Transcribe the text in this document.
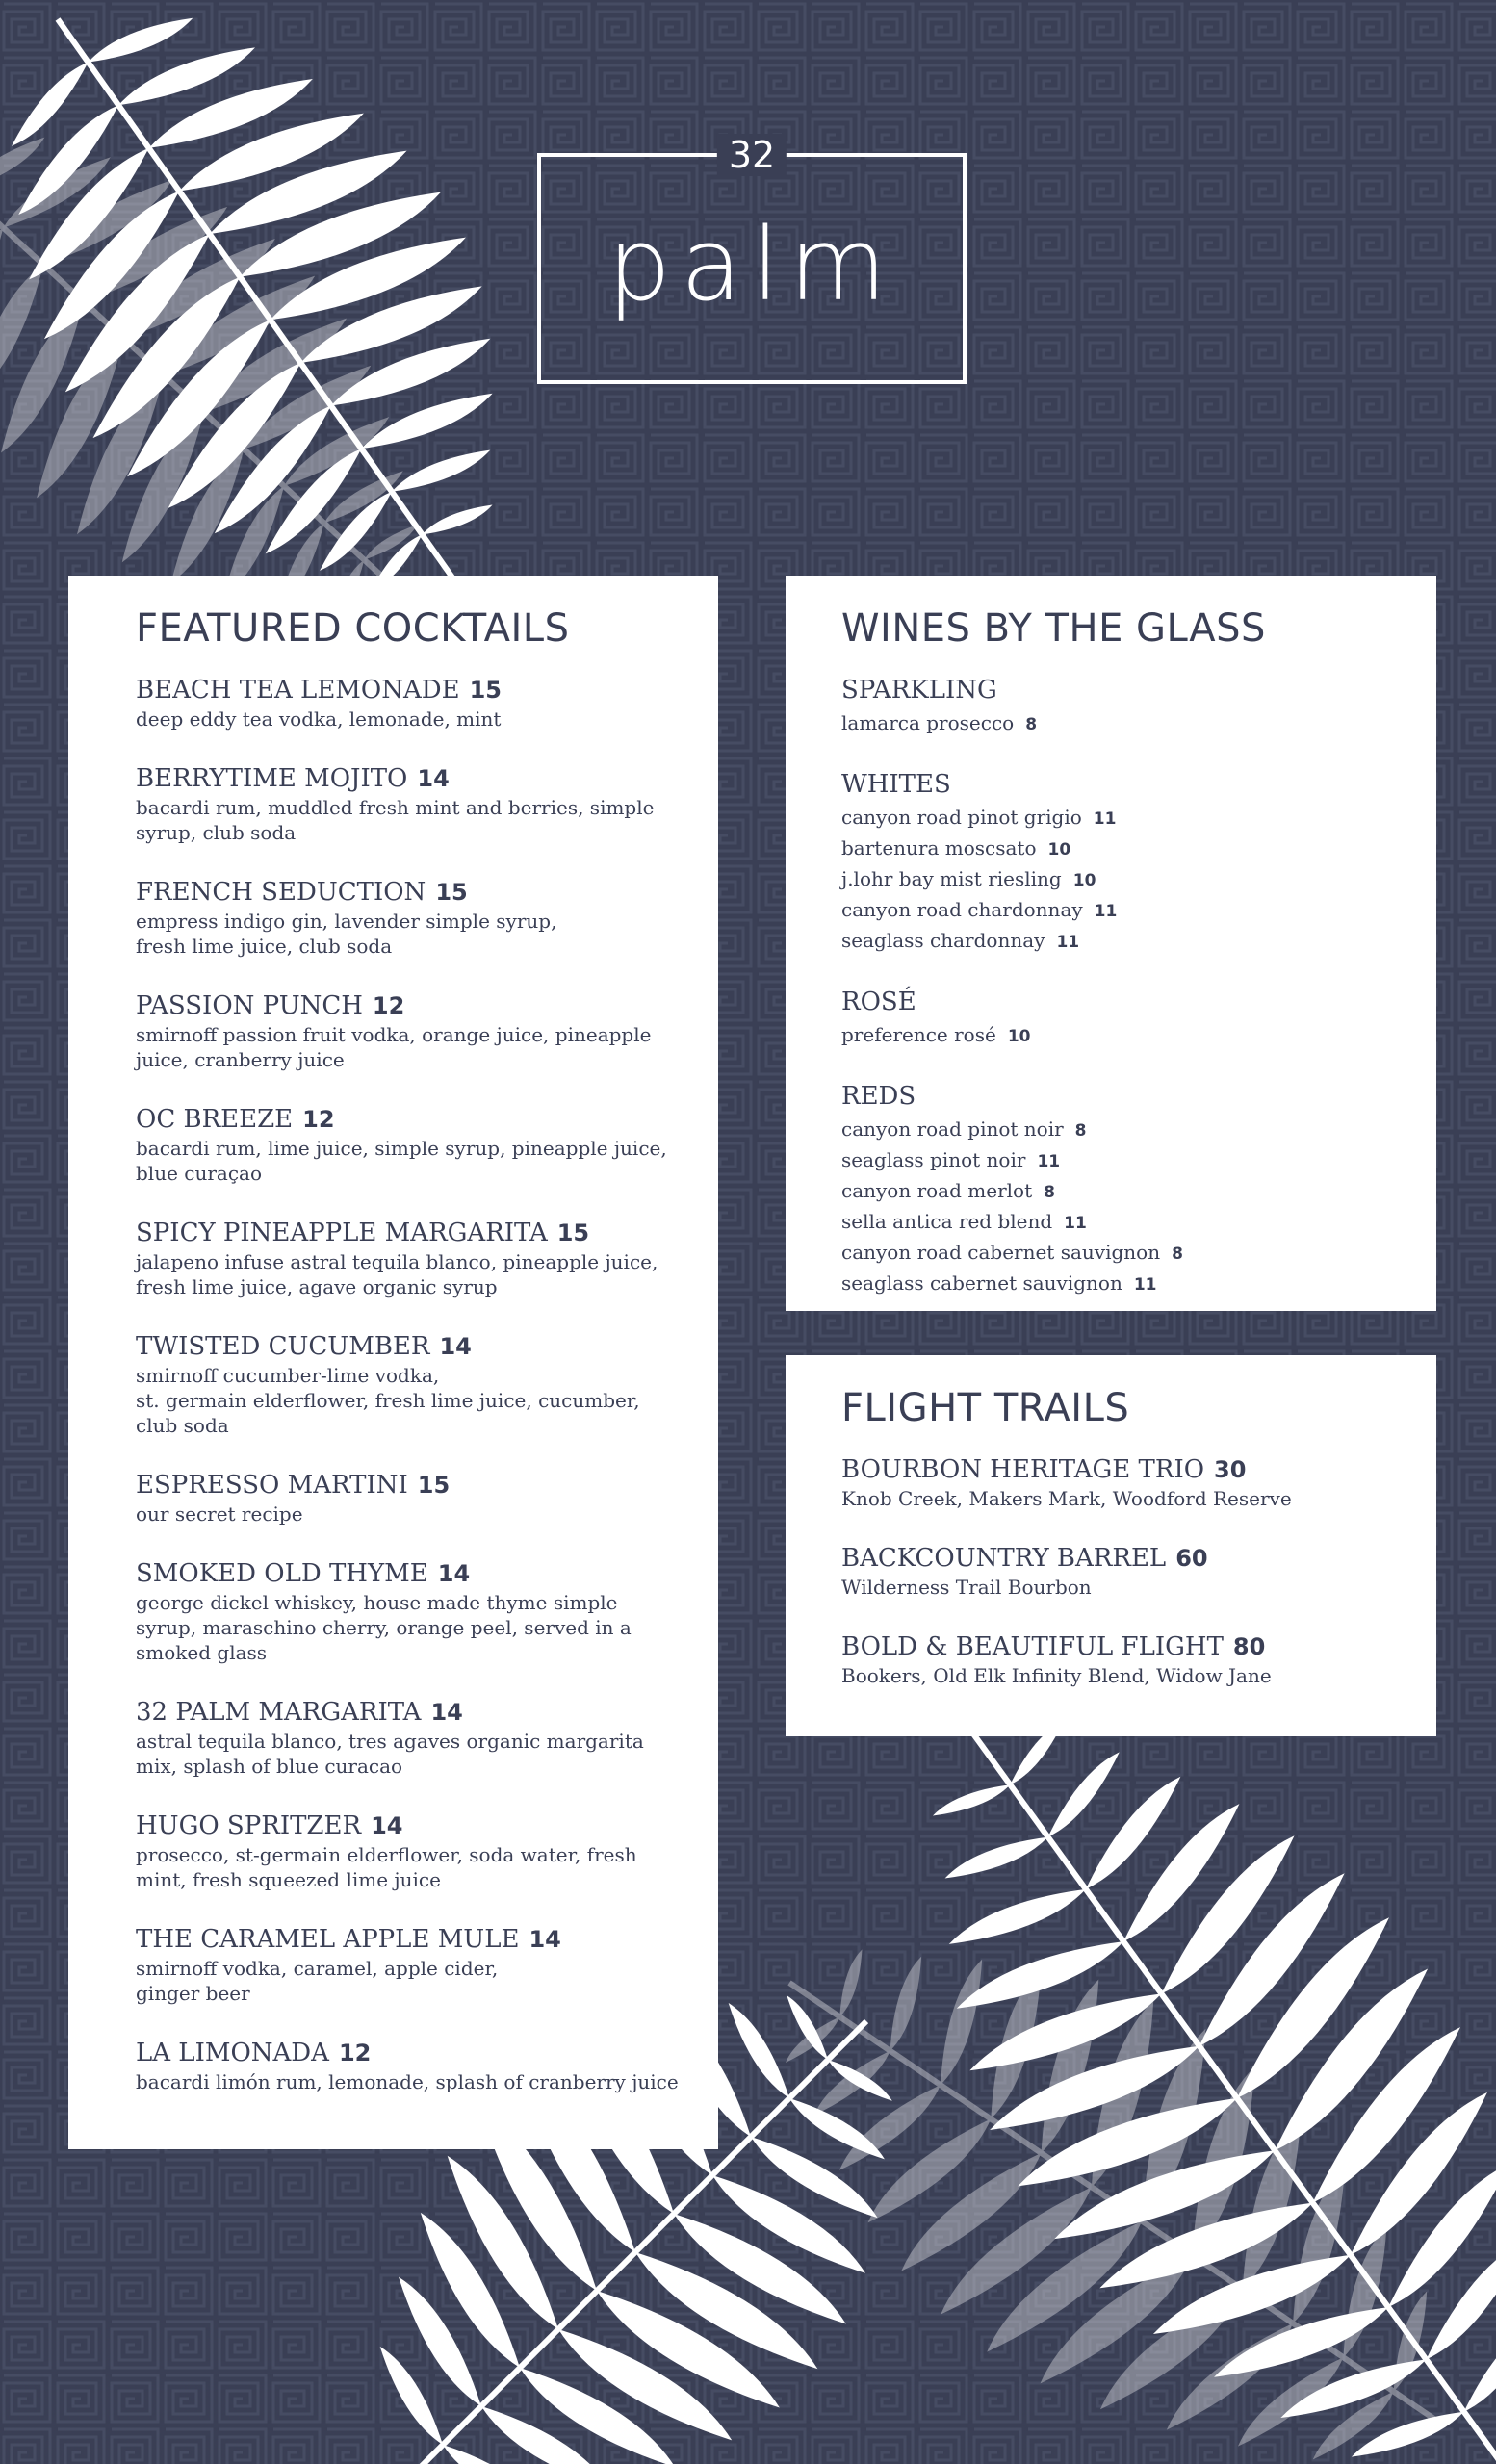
32
palm
FEATURED COCKTAILS
BEACH TEA LEMONADE 15
deep eddy tea vodka, lemonade, mint
BERRYTIME MOJITO 14
bacardi rum, muddled fresh mint and berries, simple
syrup, club soda
FRENCH SEDUCTION 15
empress indigo gin, lavender simple syrup,
fresh lime juice, club soda
PASSION PUNCH 12
smirnoff passion fruit vodka, orange juice, pineapple
juice, cranberry juice
OC BREEZE 12
bacardi rum, lime juice, simple syrup, pineapple juice,
blue curaçao
SPICY PINEAPPLE MARGARITA 15
jalapeno infuse astral tequila blanco, pineapple juice,
fresh lime juice, agave organic syrup
TWISTED CUCUMBER 14
smirnoff cucumber-lime vodka,
st. germain elderflower, fresh lime juice, cucumber,
club soda
ESPRESSO MARTINI 15
our secret recipe
SMOKED OLD THYME 14
george dickel whiskey, house made thyme simple
syrup, maraschino cherry, orange peel, served in a
smoked glass
32 PALM MARGARITA 14
astral tequila blanco, tres agaves organic margarita
mix, splash of blue curacao
HUGO SPRITZER 14
prosecco, st-germain elderflower, soda water, fresh
mint, fresh squeezed lime juice
THE CARAMEL APPLE MULE 14
smirnoff vodka, caramel, apple cider,
ginger beer
LA LIMONADA 12
bacardi limón rum, lemonade, splash of cranberry juice
WINES BY THE GLASS
SPARKLING
lamarca prosecco 8
WHITES
canyon road pinot grigio 11
bartenura moscsato 10
j.lohr bay mist riesling 10
canyon road chardonnay 11
seaglass chardonnay 11
ROSÉ
preference rosé 10
REDS
canyon road pinot noir 8
seaglass pinot noir 11
canyon road merlot 8
sella antica red blend 11
canyon road cabernet sauvignon 8
seaglass cabernet sauvignon 11
FLIGHT TRAILS
BOURBON HERITAGE TRIO 30
Knob Creek, Makers Mark, Woodford Reserve
BACKCOUNTRY BARREL 60
Wilderness Trail Bourbon
BOLD & BEAUTIFUL FLIGHT 80
Bookers, Old Elk Infinity Blend, Widow Jane
